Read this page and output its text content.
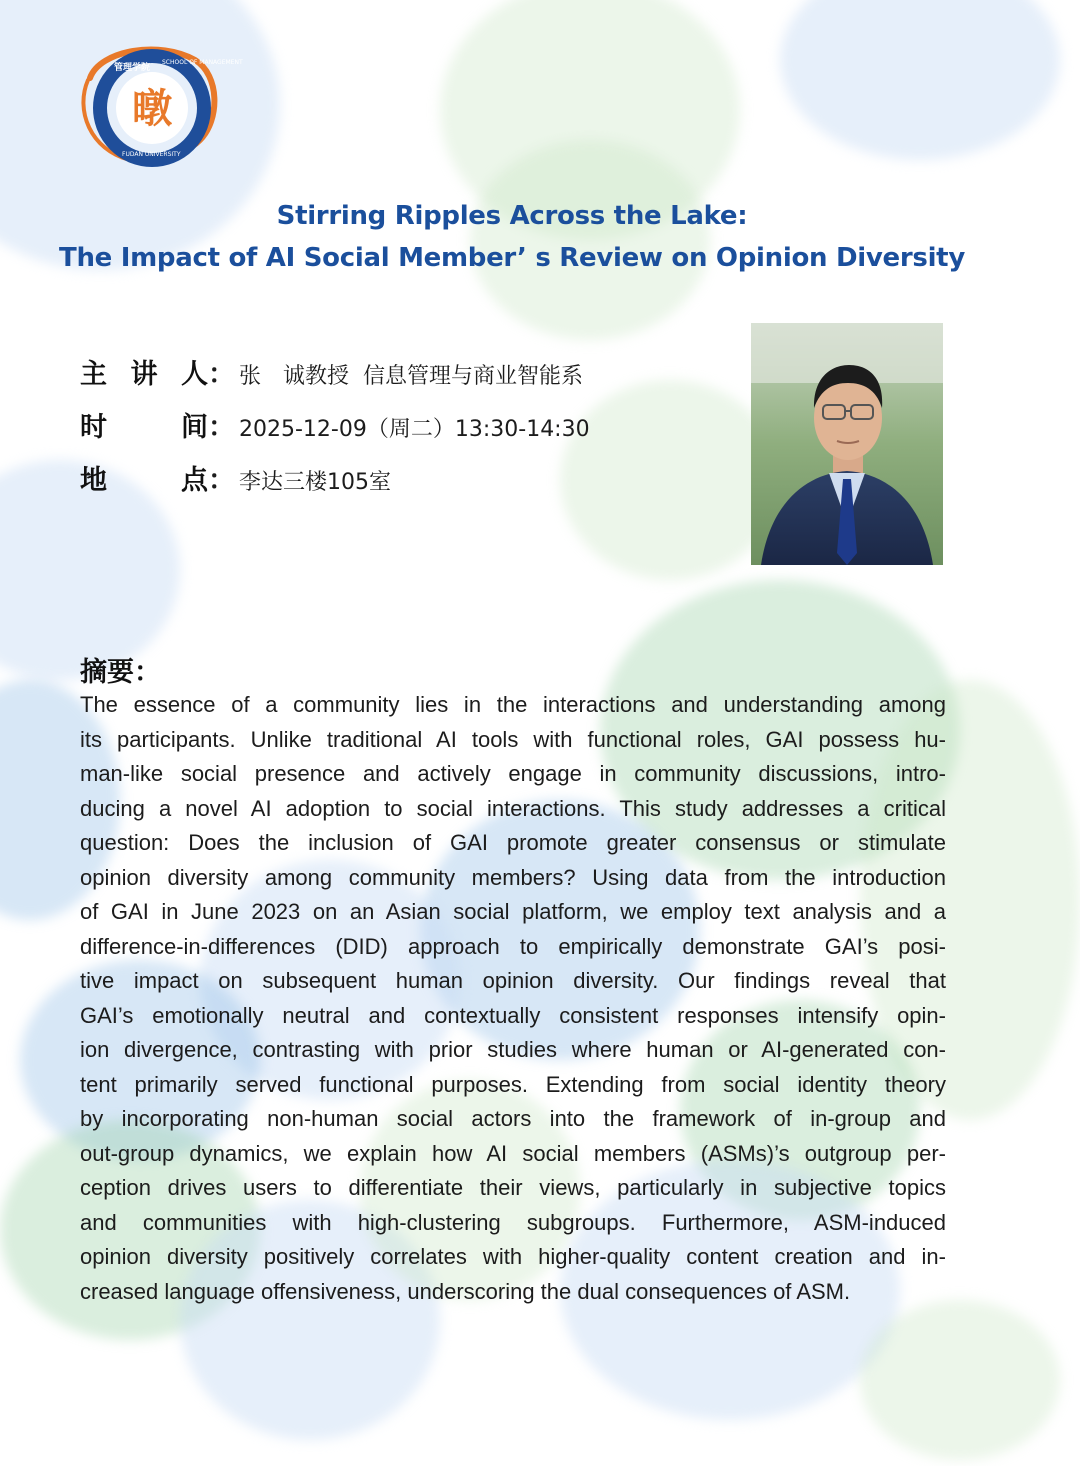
暾
管理学院
SCHOOL OF MANAGEMENT
FUDAN UNIVERSITY
Stirring Ripples Across the Lake:
The Impact of AI Social Member’ s Review on Opinion Diversity
主 讲 人 ： 张　诚教授  信息管理与商业智能系
时	间 ： 2025-12-09（周二）13:30-14:30
地	点 ： 李达三楼105室
摘要：
The essence of a community lies in the interactions and understanding among
its participants. Unlike traditional AI tools with functional roles, GAI possess hu-
man-like social presence and actively engage in community discussions, intro-
ducing a novel AI adoption to social interactions. This study addresses a critical
question: Does the inclusion of GAI promote greater consensus or stimulate
opinion diversity among community members? Using data from the introduction
of GAI in June 2023 on an Asian social platform, we employ text analysis and a
difference-in-differences (DID) approach to empirically demonstrate GAI’s posi-
tive impact on subsequent human opinion diversity. Our findings reveal that
GAI’s emotionally neutral and contextually consistent responses intensify opin-
ion divergence, contrasting with prior studies where human or AI-generated con-
tent primarily served functional purposes. Extending from social identity theory
by incorporating non-human social actors into the framework of in-group and
out-group dynamics, we explain how AI social members (ASMs)’s outgroup per-
ception drives users to differentiate their views, particularly in subjective topics
and communities with high-clustering subgroups. Furthermore, ASM-induced
opinion diversity positively correlates with higher-quality content creation and in-
creased language offensiveness, underscoring the dual consequences of ASM.
